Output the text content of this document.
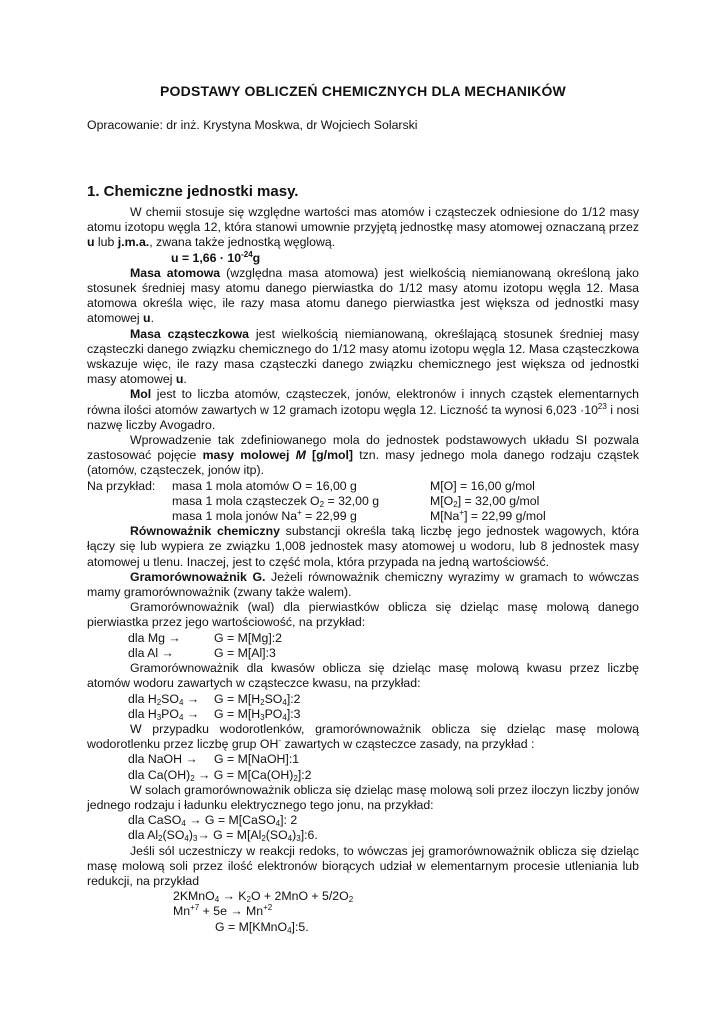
PODSTAWY OBLICZEŃ CHEMICZNYCH DLA MECHANIKÓW
Opracowanie: dr inż. Krystyna Moskwa, dr Wojciech Solarski
1. Chemiczne jednostki masy.

W chemii stosuje się względne wartości mas atomów i cząsteczek odniesione do 1/12 masy atomu izotopu węgla 12, która stanowi umownie przyjętą jednostkę masy atomowej oznaczaną przez u lub j.m.a., zwana także jednostką węglową.

$u = 1,66 \cdot 10^{-24}g$

Masa atomowa (względna masa atomowa) jest wielkością niemianowaną określoną jako stosunek średniej masy atomu danego pierwiastka do 1/12 masy atomu izotopu węgla 12. Masa atomowa określa więc, ile razy masa atomu danego pierwiastka jest większa od jednostki masy atomowej u.

Masa cząsteczkowa jest wielkością niemianowaną, określającą stosunek średniej masy cząsteczki danego związku chemicznego do 1/12 masy atomu izotopu węgla 12. Masa cząsteczkowa wskazuje więc, ile razy masa cząsteczki danego związku chemicznego jest większa od jednostki masy atomowej u.

Mol jest to liczba atomów, cząsteczek, jonów, elektronów i innych cząstek elementarnych równa ilości atomów zawartych w 12 gramach izotopu węgla 12. Liczność ta wynosi $6,023 \cdot 10^{23}$ i nosi nazwę liczby Avogadro.

Wprowadzenie tak zdefiniowanego mola do jednostek podstawowych układu SI pozwala zastosować pojęcie masy molowej M [g/mol] tzn. masy jednego mola danego rodzaju cząstek (atomów, cząsteczek, jonów itp).

Na przykład:	masa 1 mola atomów O = 16,00 g	M[O] = 16,00 g/mol
masa 1 mola cząsteczek $O_2 = 32,00$ g	$M[O_2] = 32,00$ g/mol
masa 1 mola jonów Na+ = 22,99 g	M[Na+] = 22,99 g/mol

Równoważnik chemiczny substancji określa taką liczbę jego jednostek wagowych, która łączy się lub wypiera ze związku 1,008 jednostek masy atomowej u wodoru, lub 8 jednostek masy atomowej u tlenu. Inaczej, jest to część mola, która przypada na jedną wartościowść.

Gramorównoważnik G. Jeżeli równoważnik chemiczny wyrazimy w gramach to wówczas mamy gramorównoważnik (zwany także walem).

Gramorównoważnik (wal) dla pierwiastków oblicza się dzieląc masę molową danego pierwiastka przez jego wartościowość, na przykład:

dla Mg →	G = M[Mg]:2
dla Al →	G = M[Al]:3

Gramorównoważnik dla kwasów oblicza się dzieląc masę molową kwasu przez liczbę atomów wodoru zawartych w cząsteczce kwasu, na przykład:

dla $H_2SO_4 \to G$ = $M[H_2SO_4]:2$
dla $H_3PO_4 \to G$ = $M[H_3PO_4]:3$

W przypadku wodorotlenków, gramorównoważnik oblicza się dzieląc masę molową wodorotlenku przez liczbę grup OH- zawartych w cząsteczce zasady, na przykład :

dla NaOH → G = M[NaOH]:1
dla $Ca(OH)_2 \to G$ = $M[Ca(OH)_2]:2$

W solach gramorównoważnik oblicza się dzieląc masę molową soli przez iloczyn liczby jonów jednego rodzaju i ładunku elektrycznego tego jonu, na przykład:

dla CaSO$_4$ → G = M[CaSO$_4$]: 2
dla $Al_2(SO_4)_3\to G$ = $M[Al_2(SO_4)_3]:6$.

Jeśli sól uczestniczy w reakcji redoks, to wówczas jej gramorównoważnik oblicza się dzieląc masę molową soli przez ilość elektronów biorących udział w elementarnym procesie utleniania lub redukcji, na przykład

2KMnO$_4$ → $K_2O + 2MnO + 5/2O_2$
$Mn^{+7} + 5e \to Mn^{+2}$
G = M[KMnO$_4$]:5.
